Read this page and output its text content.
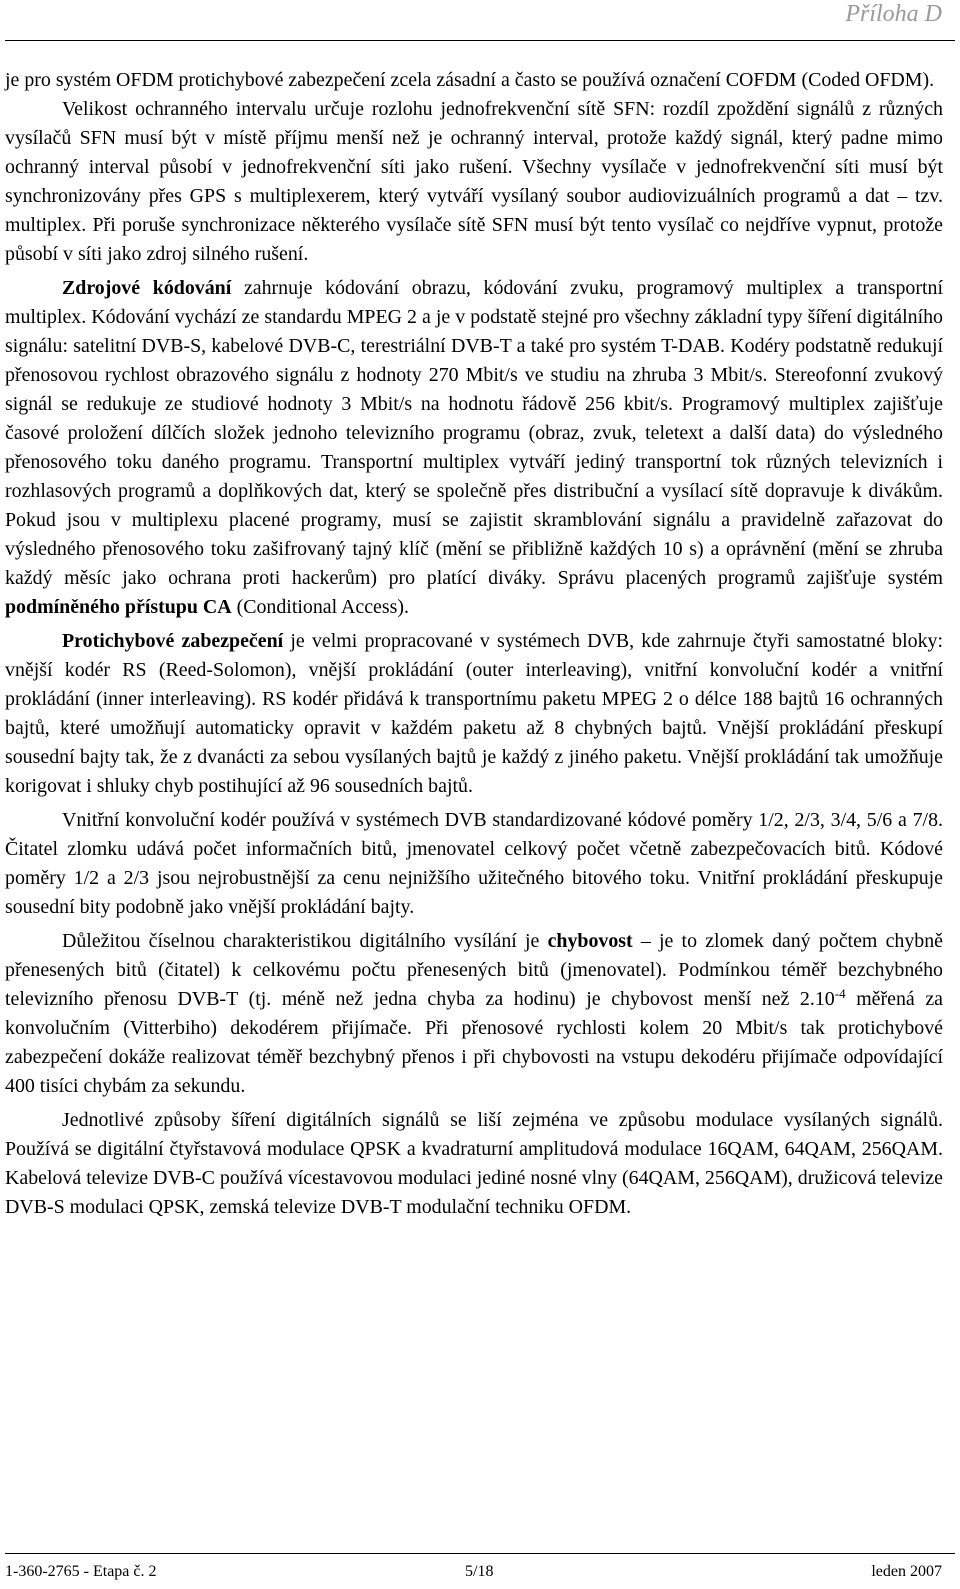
Příloha D

je pro systém OFDM protichybové zabezpečení zcela zásadní a často se používá označení COFDM (Coded OFDM).

Velikost ochranného intervalu určuje rozlohu jednofrekvenční sítě SFN: rozdíl zpoždění signálů z různých vysílačů SFN musí být v místě příjmu menší než je ochranný interval, protože každý signál, který padne mimo ochranný interval působí v jednofrekvenční síti jako rušení. Všechny vysílače v jednofrekvenční síti musí být synchronizovány přes GPS s multiplexerem, který vytváří vysílaný soubor audiovizuálních programů a dat – tzv. multiplex. Při poruše synchronizace některého vysílače sítě SFN musí být tento vysílač co nejdříve vypnut, protože působí v síti jako zdroj silného rušení.

Zdrojové kódování zahrnuje kódování obrazu, kódování zvuku, programový multiplex a transportní multiplex. Kódování vychází ze standardu MPEG 2 a je v podstatě stejné pro všechny základní typy šíření digitálního signálu: satelitní DVB-S, kabelové DVB-C, terestriální DVB-T a také pro systém T-DAB. Kodéry podstatně redukují přenosovou rychlost obrazového signálu z hodnoty 270 Mbit/s ve studiu na zhruba 3 Mbit/s. Stereofonní zvukový signál se redukuje ze studiové hodnoty 3 Mbit/s na hodnotu řádově 256 kbit/s. Programový multiplex zajišťuje časové proložení dílčích složek jednoho televizního programu (obraz, zvuk, teletext a další data) do výsledného přenosového toku daného programu. Transportní multiplex vytváří jediný transportní tok různých televizních i rozhlasových programů a doplňkových dat, který se společně přes distribuční a vysílací sítě dopravuje k divákům. Pokud jsou v multiplexu placené programy, musí se zajistit skramblování signálu a pravidelně zařazovat do výsledného přenosového toku zašifrovaný tajný klíč (mění se přibližně každých 10 s) a oprávnění (mění se zhruba každý měsíc jako ochrana proti hackerům) pro platící diváky. Správu placených programů zajišťuje systém podmíněného přístupu CA (Conditional Access).

Protichybové zabezpečení je velmi propracované v systémech DVB, kde zahrnuje čtyři samostatné bloky: vnější kodér RS (Reed-Solomon), vnější prokládání (outer interleaving), vnitřní konvoluční kodér a vnitřní prokládání (inner interleaving). RS kodér přidává k transportnímu paketu MPEG 2 o délce 188 bajtů 16 ochranných bajtů, které umožňují automaticky opravit v každém paketu až 8 chybných bajtů. Vnější prokládání přeskupí sousední bajty tak, že z dvanácti za sebou vysílaných bajtů je každý z jiného paketu. Vnější prokládání tak umožňuje korigovat i shluky chyb postihující až 96 sousedních bajtů.

Vnitřní konvoluční kodér používá v systémech DVB standardizované kódové poměry 1/2, 2/3, 3/4, 5/6 a 7/8. Čitatel zlomku udává počet informačních bitů, jmenovatel celkový počet včetně zabezpečovacích bitů. Kódové poměry 1/2 a 2/3 jsou nejrobustnější za cenu nejnižšího užitečného bitového toku. Vnitřní prokládání přeskupuje sousední bity podobně jako vnější prokládání bajty.

Důležitou číselnou charakteristikou digitálního vysílání je chybovost – je to zlomek daný počtem chybně přenesených bitů (čitatel) k celkovému počtu přenesených bitů (jmenovatel). Podmínkou téměř bezchybného televizního přenosu DVB-T (tj. méně než jedna chyba za hodinu) je chybovost menší než $2.10^{-4}$ měřená za konvolučním (Vitterbiho) dekodérem přijímače. Při přenosové rychlosti kolem 20 Mbit/s tak protichybové zabezpečení dokáže realizovat téměř bezchybný přenos i při chybovosti na vstupu dekodéru přijímače odpovídající 400 tisíci chybám za sekundu.

Jednotlivé způsoby šíření digitálních signálů se liší zejména ve způsobu modulace vysílaných signálů. Používá se digitální čtyřstavová modulace QPSK a kvadraturní amplitudová modulace 16QAM, 64QAM, 256QAM. Kabelová televize DVB-C používá vícestavovou modulaci jediné nosné vlny (64QAM, 256QAM), družicová televize DVB-S modulaci QPSK, zemská televize DVB-T modulační techniku OFDM.

1-360-2765 - Etapa č. 2	5/18	leden 2007
